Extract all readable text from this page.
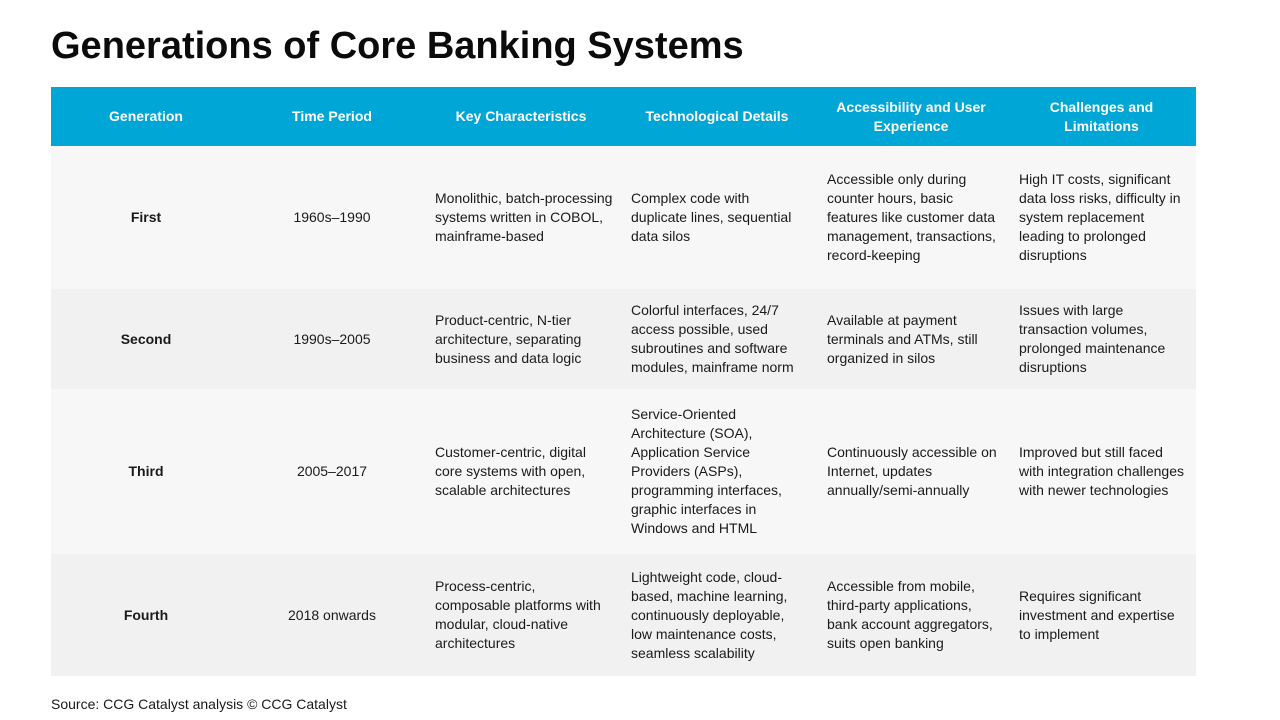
Generations of Core Banking Systems
Generation	Time Period	Key Characteristics	Technological Details	Accessibility and User Experience	Challenges and Limitations
First	1960s–1990	Monolithic, batch-processing systems written in COBOL, mainframe-based	Complex code with duplicate lines, sequential data silos	Accessible only during counter hours, basic features like customer data management, transactions, record-keeping	High IT costs, significant data loss risks, difficulty in system replacement leading to prolonged disruptions
Second	1990s–2005	Product-centric, N-tier architecture, separating business and data logic	Colorful interfaces, 24/7 access possible, used subroutines and software modules, mainframe norm	Available at payment terminals and ATMs, still organized in silos	Issues with large transaction volumes, prolonged maintenance disruptions
Third	2005–2017	Customer-centric, digital core systems with open, scalable architectures	Service-Oriented Architecture (SOA), Application Service Providers (ASPs), programming interfaces, graphic interfaces in Windows and HTML	Continuously accessible on Internet, updates annually/semi-annually	Improved but still faced with integration challenges with newer technologies
Fourth	2018 onwards	Process-centric, composable platforms with modular, cloud-native architectures	Lightweight code, cloud-based, machine learning, continuously deployable, low maintenance costs, seamless scalability	Accessible from mobile, third-party applications, bank account aggregators, suits open banking	Requires significant investment and expertise to implement
Source: CCG Catalyst analysis © CCG Catalyst
